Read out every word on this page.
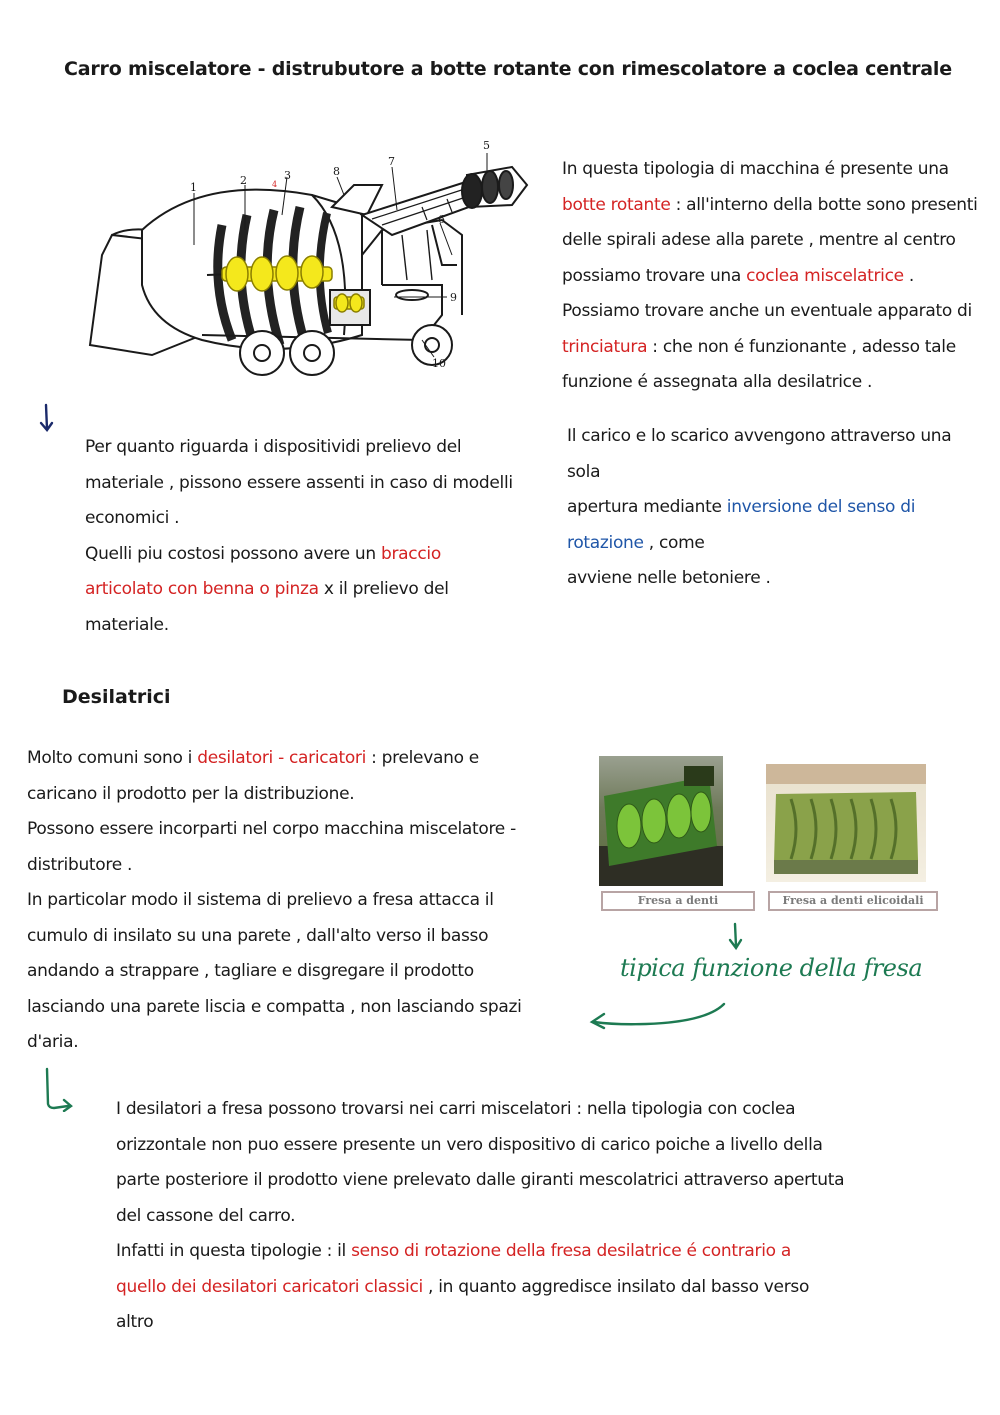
Carro miscelatore - distrubutore a botte rotante con rimescolatore a coclea centrale
1
2	3
4
5
6
7
8
9
10
In questa tipologia di macchina é presente una
botte rotante : all'interno della botte sono presenti
delle spirali adese alla parete , mentre al centro
possiamo trovare una coclea miscelatrice .
Possiamo trovare anche un eventuale apparato di
trinciatura : che non é funzionante , adesso tale
funzione é assegnata alla desilatrice .
Il carico e lo scarico avvengono attraverso una
sola
apertura mediante inversione del senso di
rotazione , come
avviene nelle betoniere .
Per quanto riguarda i dispositividi prelievo del
materiale , pissono essere assenti in caso di modelli
economici .
Quelli piu costosi possono avere un braccio
articolato con benna o pinza x il prelievo del
materiale.
Desilatrici
Molto comuni sono i desilatori - caricatori : prelevano e
caricano il prodotto per la distribuzione.
Possono essere incorparti nel corpo macchina miscelatore -
distributore .
In particolar modo il sistema di prelievo a fresa attacca il
cumulo di insilato su una parete , dall'alto verso il basso
andando a strappare , tagliare e disgregare il prodotto
lasciando una parete liscia e compatta , non lasciando spazi
d'aria.
Fresa a denti	Fresa a denti elicoidali
tipica funzione della fresa
I desilatori a fresa possono trovarsi nei carri miscelatori : nella tipologia con coclea
orizzontale non puo essere presente un vero dispositivo di carico poiche a livello della
parte posteriore il prodotto viene prelevato dalle giranti mescolatrici attraverso apertuta
del cassone del carro.
Infatti in questa tipologie : il senso di rotazione della fresa desilatrice é contrario a
quello dei desilatori caricatori classici , in quanto aggredisce insilato dal basso verso
altro
